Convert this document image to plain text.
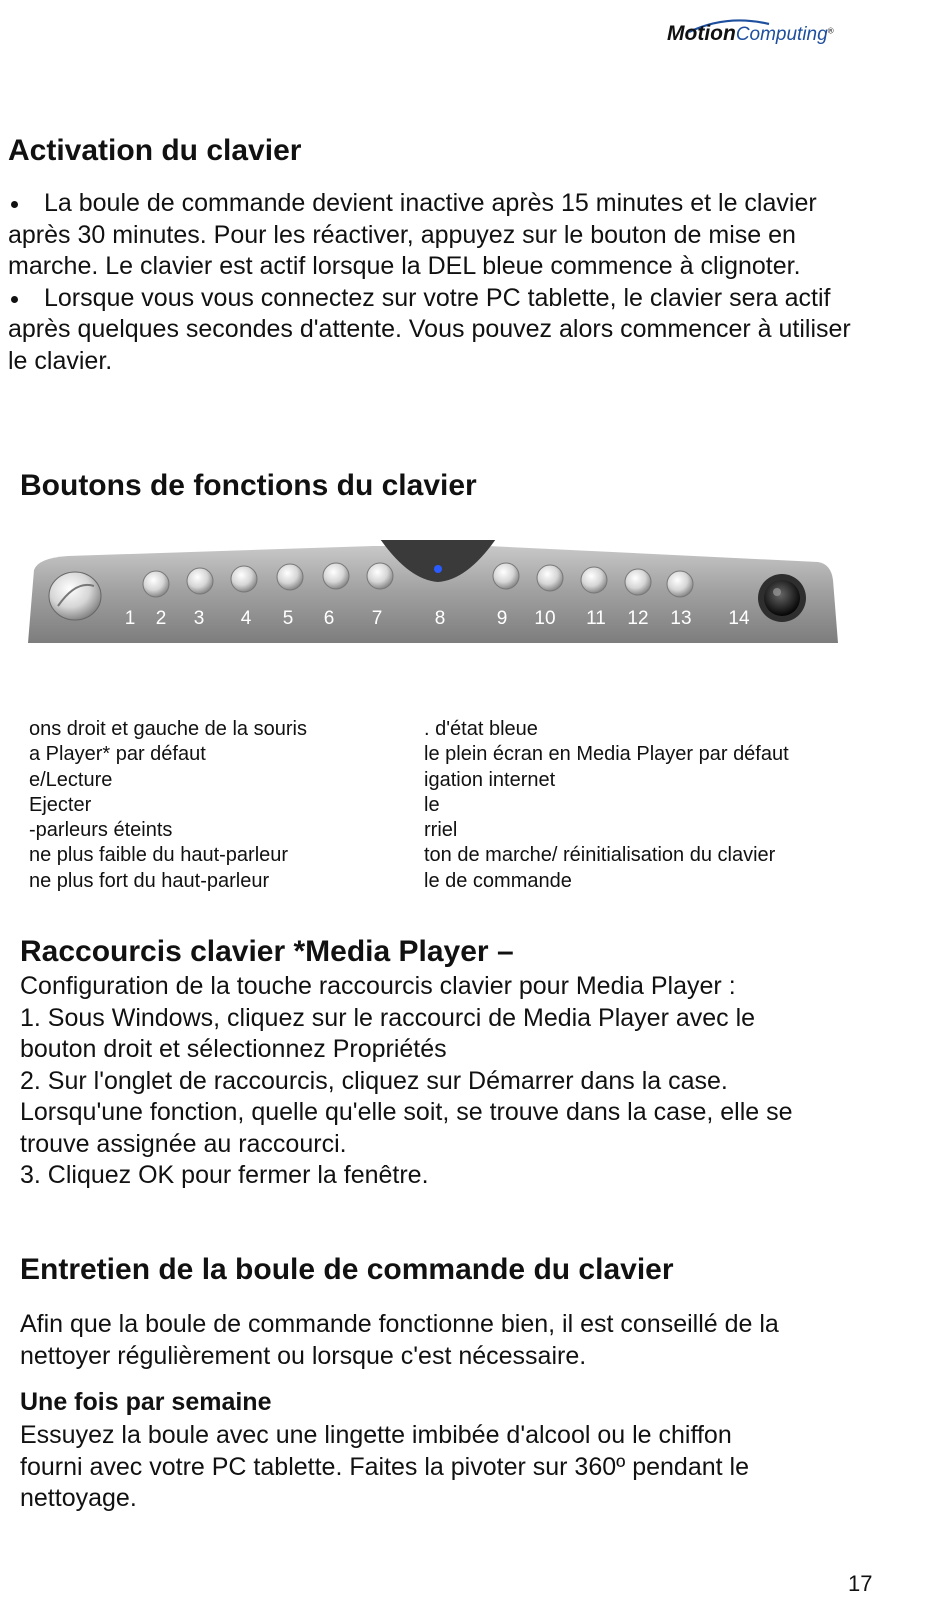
MotionComputing®
Activation du clavier
La boule de commande devient inactive après 15 minutes et le clavier après 30 minutes. Pour les réactiver, appuyez sur le bouton de mise en marche. Le clavier est actif lorsque la DEL bleue commence à clignoter.
Lorsque vous vous connectez sur votre PC tablette, le clavier sera actif après quelques secondes d'attente. Vous pouvez alors commencer à utiliser le clavier.
Boutons de fonctions du clavier
1 2 3 4 5 6 7	8	9 10 11 12 13 14
ons droit et gauche de la souris
a Player* par défaut
e/Lecture
Ejecter
-parleurs éteints
ne plus faible du haut-parleur
ne plus fort du haut-parleur
. d'état bleue
le plein écran en Media Player par défaut
igation internet
le
rriel
ton de marche/ réinitialisation du clavier
le de commande
Raccourcis clavier *Media Player –
Configuration de la touche raccourcis clavier pour Media Player :
1. Sous Windows, cliquez sur le raccourci de Media Player avec le
bouton droit et sélectionnez Propriétés
2. Sur l'onglet de raccourcis, cliquez sur Démarrer dans la case.
Lorsqu'une fonction, quelle qu'elle soit, se trouve dans la case, elle se
trouve assignée au raccourci.
3. Cliquez OK pour fermer la fenêtre.
Entretien de la boule de commande du clavier
Afin que la boule de commande fonctionne bien, il est conseillé de la
nettoyer régulièrement ou lorsque c'est nécessaire.
Une fois par semaine
Essuyez la boule avec une lingette imbibée d'alcool ou le chiffon
fourni avec votre PC tablette. Faites la pivoter sur 360º pendant le
nettoyage.
17
